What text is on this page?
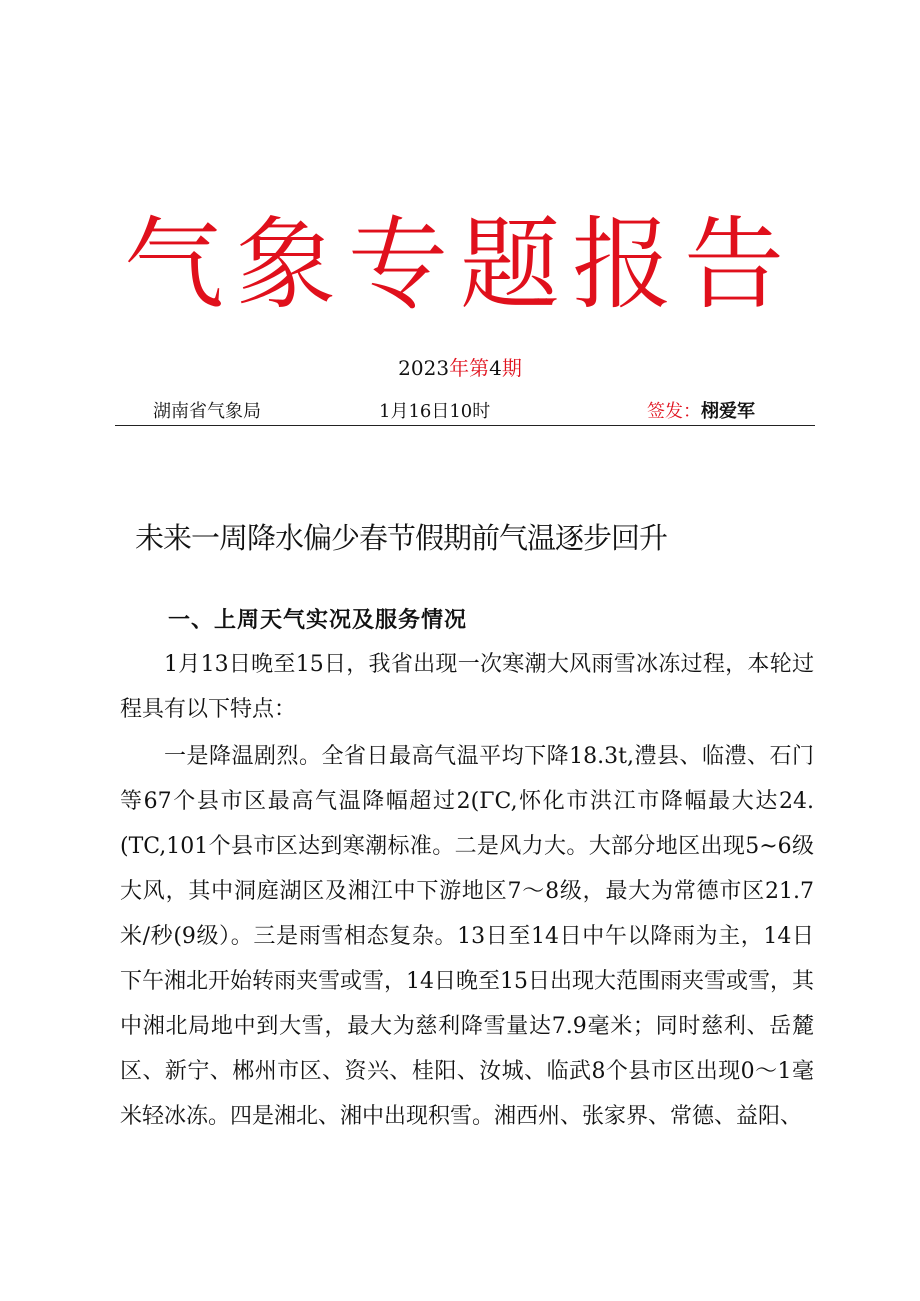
气象专题报告
2023年第4期
湖南省气象局	1月16日10时	签发：栩爱军
未来一周降水偏少春节假期前气温逐步回升
一、上周天气实况及服务情况

1月13日晚至15日，我省出现一次寒潮大风雨雪冰冻过程，本轮过程具有以下特点：

一是降温剧烈。全省日最高气温平均下降18.3t,澧县、临澧、石门等67个县市区最高气温降幅超过2(ΓC,怀化市洪江市降幅最大达24.(TC,101个县市区达到寒潮标准。二是风力大。大部分地区出现5~6级大风，其中洞庭湖区及湘江中下游地区7～8级，最大为常德市区21.7米/秒(9级）。三是雨雪相态复杂。13日至14日中午以降雨为主，14日下午湘北开始转雨夹雪或雪，14日晚至15日出现大范围雨夹雪或雪，其中湘北局地中到大雪，最大为慈利降雪量达7.9毫米；同时慈利、岳麓区、新宁、郴州市区、资兴、桂阳、汝城、临武8个县市区出现0～1毫米轻冰冻。四是湘北、湘中出现积雪。湘西州、张家界、常德、益阳、
